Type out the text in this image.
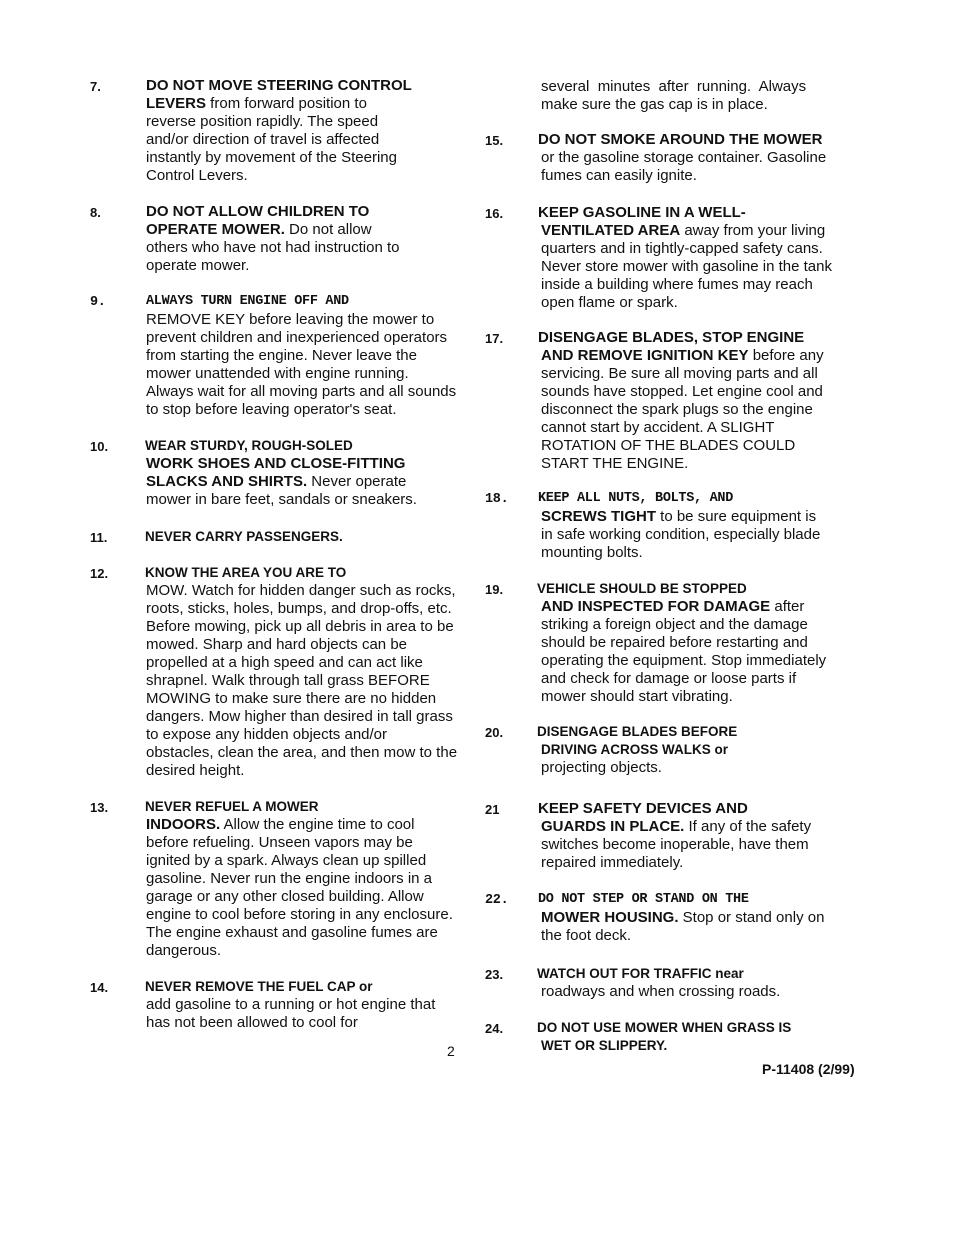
7.	DO NOT MOVE STEERING CONTROL
LEVERS from forward position to
reverse position rapidly. The speed
and/or direction of travel is affected
instantly by movement of the Steering
Control Levers.
8.	DO NOT ALLOW CHILDREN TO
OPERATE MOWER. Do not allow
others who have not had instruction to
operate mower.
9.	ALWAYS TURN ENGINE OFF AND
REMOVE KEY before leaving the mower to
prevent children and inexperienced operators
from starting the engine. Never leave the
mower unattended with engine running.
Always wait for all moving parts and all sounds
to stop before leaving operator's seat.
10.	WEAR STURDY, ROUGH-SOLED
WORK SHOES AND CLOSE-FITTING
SLACKS AND SHIRTS. Never operate
mower in bare feet, sandals or sneakers.
11.	NEVER CARRY PASSENGERS.
12.	KNOW THE AREA YOU ARE TO
MOW. Watch for hidden danger such as rocks,
roots, sticks, holes, bumps, and drop-offs, etc.
Before mowing, pick up all debris in area to be
mowed. Sharp and hard objects can be
propelled at a high speed and can act like
shrapnel. Walk through tall grass BEFORE
MOWING to make sure there are no hidden
dangers. Mow higher than desired in tall grass
to expose any hidden objects and/or
obstacles, clean the area, and then mow to the
desired height.
13.	NEVER REFUEL A MOWER
INDOORS. Allow the engine time to cool
before refueling. Unseen vapors may be
ignited by a spark. Always clean up spilled
gasoline. Never run the engine indoors in a
garage or any other closed building. Allow
engine to cool before storing in any enclosure.
The engine exhaust and gasoline fumes are
dangerous.
14.	NEVER REMOVE THE FUEL CAP or
add gasoline to a running or hot engine that
has not been allowed to cool for
several  minutes  after  running.  Always
make sure the gas cap is in place.
15. DO NOT SMOKE AROUND THE MOWER
or the gasoline storage container. Gasoline
fumes can easily ignite.
16. KEEP GASOLINE IN A WELL-
VENTILATED AREA away from your living
quarters and in tightly-capped safety cans.
Never store mower with gasoline in the tank
inside a building where fumes may reach
open flame or spark.
17. DISENGAGE BLADES, STOP ENGINE
AND REMOVE IGNITION KEY before any
servicing. Be sure all moving parts and all
sounds have stopped. Let engine cool and
disconnect the spark plugs so the engine
cannot start by accident. A SLIGHT
ROTATION OF THE BLADES COULD
START THE ENGINE.
18. KEEP ALL NUTS, BOLTS, AND
SCREWS TIGHT to be sure equipment is
in safe working condition, especially blade
mounting bolts.
19.	VEHICLE SHOULD BE STOPPED
AND INSPECTED FOR DAMAGE after
striking a foreign object and the damage
should be repaired before restarting and
operating the equipment. Stop immediately
and check for damage or loose parts if
mower should start vibrating.
20.	DISENGAGE BLADES BEFORE
DRIVING ACROSS WALKS or
projecting objects.
21	KEEP SAFETY DEVICES AND
GUARDS IN PLACE. If any of the safety
switches become inoperable, have them
repaired immediately.
22. DO NOT STEP OR STAND ON THE
MOWER HOUSING. Stop or stand only on
the foot deck.
23.	WATCH OUT FOR TRAFFIC near
roadways and when crossing roads.
24.	DO NOT USE MOWER WHEN GRASS IS
WET OR SLIPPERY.
2
P-11408 (2/99)
